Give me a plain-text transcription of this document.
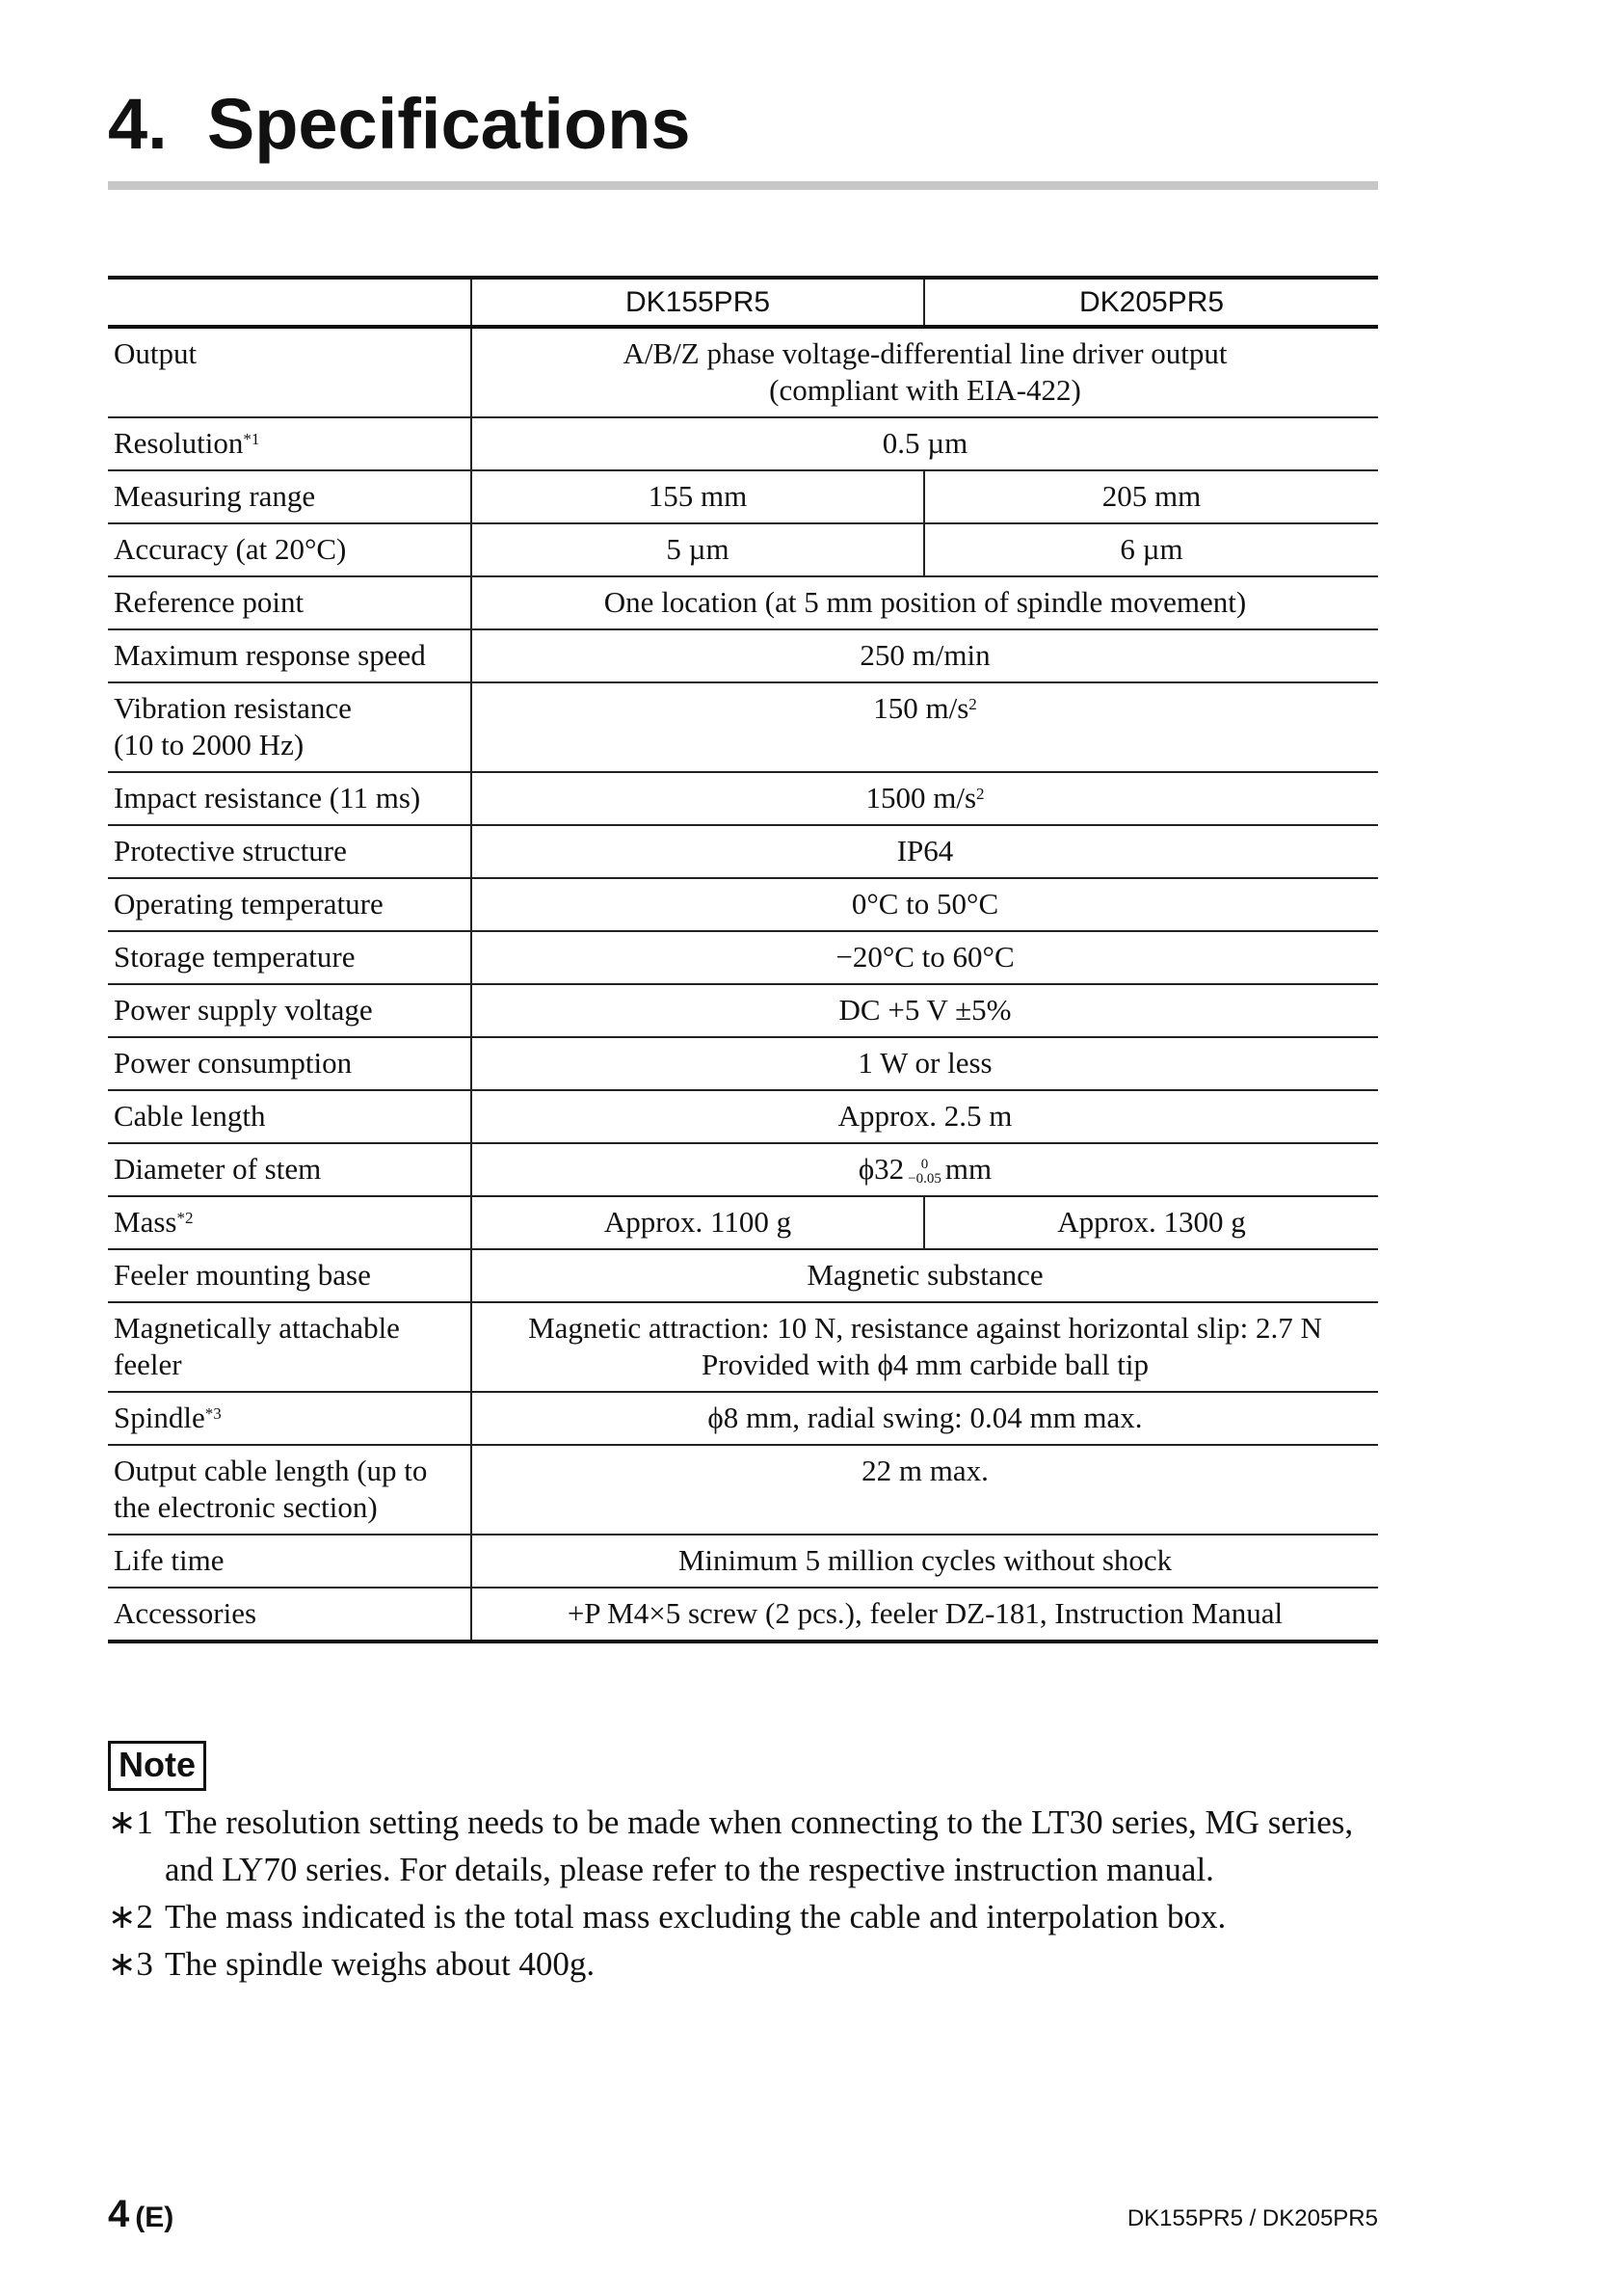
4. Specifications
	DK155PR5	DK205PR5
Output	A/B/Z phase voltage-differential line driver output
(compliant with EIA-422)	

Resolution$^{*1}$	0.5 µm	
Measuring range	155 mm	205 mm
Accuracy (at 20°C)	5 µm	6 µm
Reference point	One location (at 5 mm position of spindle movement)	
Maximum response speed	250 m/min	

Vibration resistance
(10 to 2000 Hz)	150 $m/s^2$
Impact resistance (11 ms)	1500 $m/s^2$
Protective structure	IP64	
Operating temperature	0°C to 50°C	
Storage temperature	−20°C to 60°C	
Power supply voltage	DC +5 V ±5%	
Power consumption	1 W or less	
Cable length	Approx. 2.5 m	
Diameter of stem	ϕ32 0
−0.05 mm	
Mass$^{*2}$	Approx. 1100 g	Approx. 1300 g
Feeler mounting base	Magnetic substance	

Magnetically attachable
feeler	Magnetic attraction: 10 N, resistance against horizontal slip: 2.7 N
Provided with ϕ4 mm carbide ball tip	

Spindle$^{*3}$	ϕ8 mm, radial swing: 0.04 mm max.	

Output cable length (up to
the electronic section)	22 m max.	
Life time	Minimum 5 million cycles without shock	
Accessories	+P M4×5 screw (2 pcs.), feeler DZ-181, Instruction Manual	
Note
∗1 The resolution setting needs to be made when connecting to the LT30 series, MG series, and LY70 series. For details, please refer to the respective instruction manual.
∗2 The mass indicated is the total mass excluding the cable and interpolation box.
∗3 The spindle weighs about 400g.
4 (E)	DK155PR5 / DK205PR5
